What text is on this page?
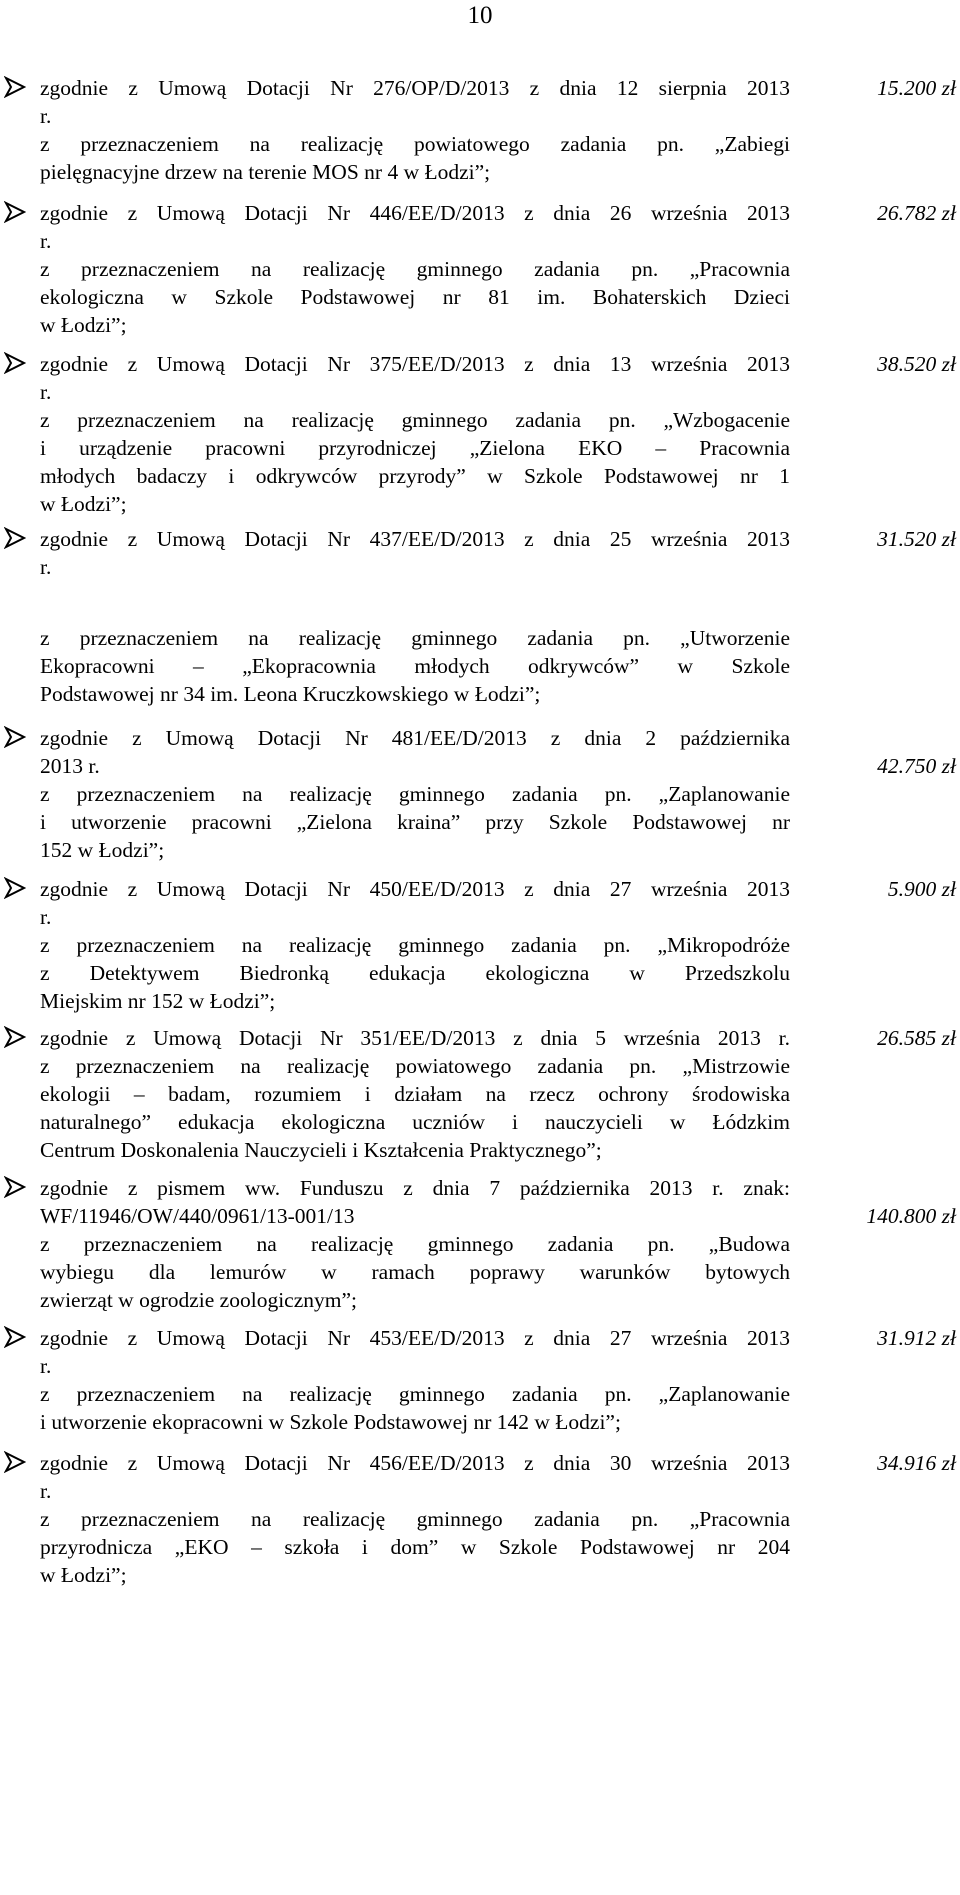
10
zgodnie z Umową Dotacji Nr 276/OP/D/2013 z dnia 12 sierpnia 2013
r.
z przeznaczeniem na realizację powiatowego zadania pn. „Zabiegi
pielęgnacyjne drzew na terenie MOS nr 4 w Łodzi”;
15.200 zł
zgodnie z Umową Dotacji Nr 446/EE/D/2013 z dnia 26 września 2013
r.
z przeznaczeniem na realizację gminnego zadania pn. „Pracownia
ekologiczna w Szkole Podstawowej nr 81 im. Bohaterskich Dzieci
w Łodzi”;
26.782 zł
zgodnie z Umową Dotacji Nr 375/EE/D/2013 z dnia 13 września 2013
r.
z przeznaczeniem na realizację gminnego zadania pn. „Wzbogacenie
i urządzenie pracowni przyrodniczej „Zielona EKO – Pracownia
młodych badaczy i odkrywców przyrody” w Szkole Podstawowej nr 1
w Łodzi”;
38.520 zł
zgodnie z Umową Dotacji Nr 437/EE/D/2013 z dnia 25 września 2013
r.
31.520 zł
z przeznaczeniem na realizację gminnego zadania pn. „Utworzenie
Ekopracowni – „Ekopracownia młodych odkrywców” w Szkole
Podstawowej nr 34 im. Leona Kruczkowskiego w Łodzi”;
zgodnie z Umową Dotacji Nr 481/EE/D/2013 z dnia 2 października
2013 r.
z przeznaczeniem na realizację gminnego zadania pn. „Zaplanowanie
i utworzenie pracowni „Zielona kraina” przy Szkole Podstawowej nr
152 w Łodzi”;
42.750 zł
zgodnie z Umową Dotacji Nr 450/EE/D/2013 z dnia 27 września 2013
r.
z przeznaczeniem na realizację gminnego zadania pn. „Mikropodróże
z Detektywem Biedronką edukacja ekologiczna w Przedszkolu
Miejskim nr 152 w Łodzi”;
5.900 zł
zgodnie z Umową Dotacji Nr 351/EE/D/2013 z dnia 5 września 2013 r.
z przeznaczeniem na realizację powiatowego zadania pn. „Mistrzowie
ekologii – badam, rozumiem i działam na rzecz ochrony środowiska
naturalnego” edukacja ekologiczna uczniów i nauczycieli w Łódzkim
Centrum Doskonalenia Nauczycieli i Kształcenia Praktycznego”;
26.585 zł
zgodnie z pismem ww. Funduszu z dnia 7 października 2013 r. znak:
WF/11946/OW/440/0961/13-001/13
z przeznaczeniem na realizację gminnego zadania pn. „Budowa
wybiegu dla lemurów w ramach poprawy warunków bytowych
zwierząt w ogrodzie zoologicznym”;
140.800 zł
zgodnie z Umową Dotacji Nr 453/EE/D/2013 z dnia 27 września 2013
r.
z przeznaczeniem na realizację gminnego zadania pn. „Zaplanowanie
i utworzenie ekopracowni w Szkole Podstawowej nr 142 w Łodzi”;
31.912 zł
zgodnie z Umową Dotacji Nr 456/EE/D/2013 z dnia 30 września 2013
r.
z przeznaczeniem na realizację gminnego zadania pn. „Pracownia
przyrodnicza „EKO – szkoła i dom” w Szkole Podstawowej nr 204
w Łodzi”;
34.916 zł
